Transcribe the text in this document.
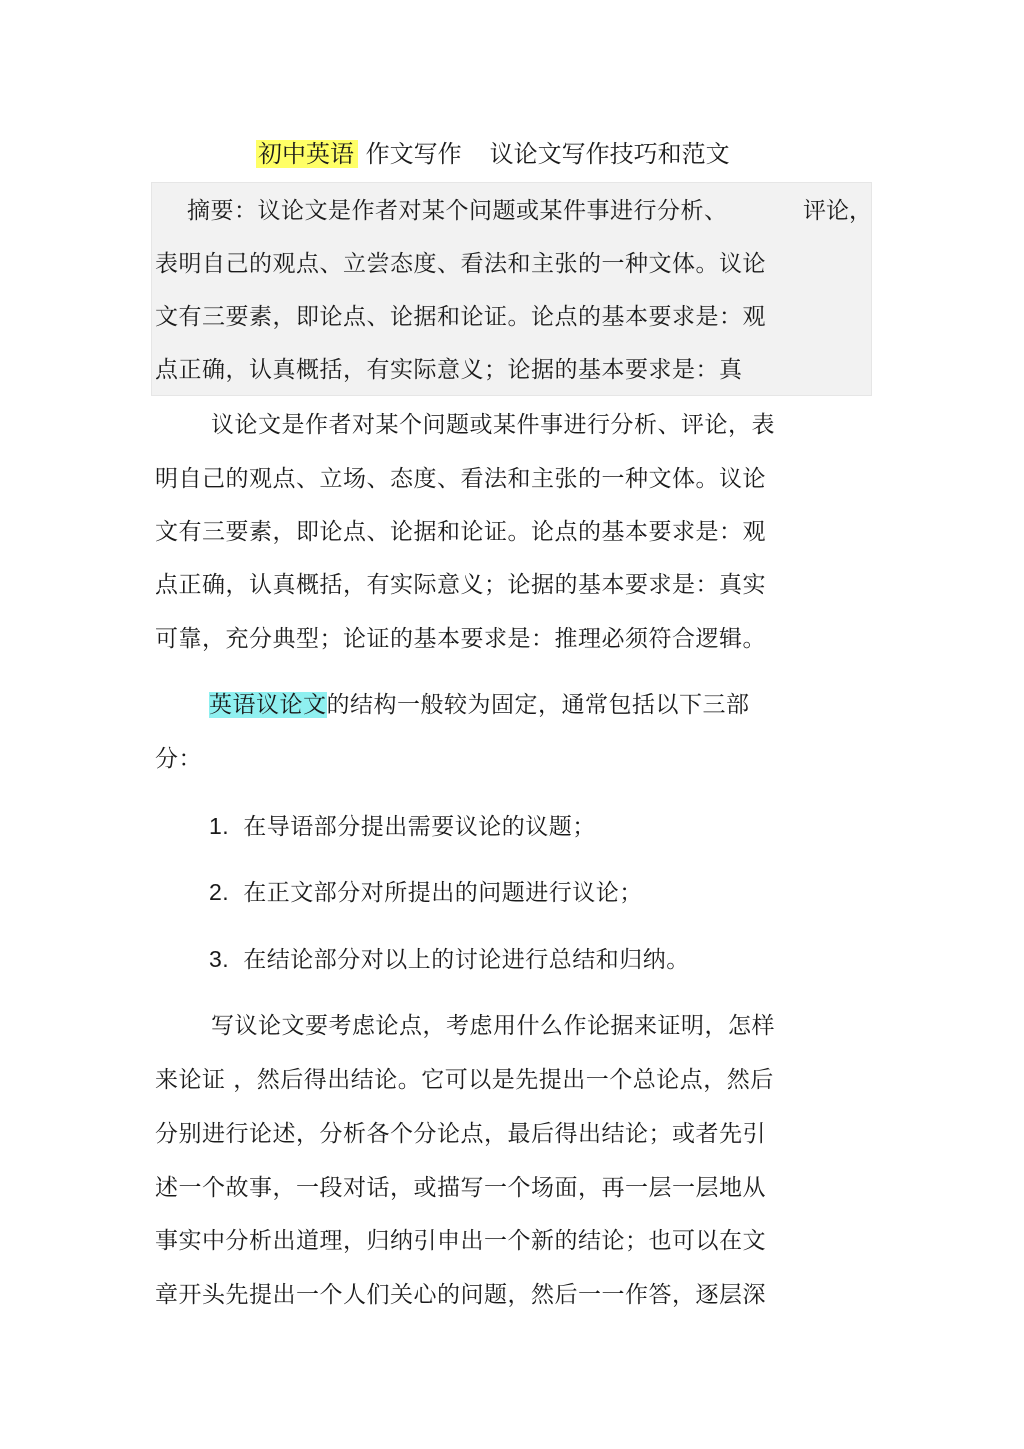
初中英语 作文写作 议论文写作技巧和范文
摘要：议论文是作者对某个问题或某件事进行分析、	评论，
表明自己的观点、立尝态度、看法和主张的一种文体。议论
文有三要素，即论点、论据和论证。论点的基本要求是：观
点正确，认真概括，有实际意义；论据的基本要求是：真
议论文是作者对某个问题或某件事进行分析、评论，表
明自己的观点、立场、态度、看法和主张的一种文体。议论
文有三要素，即论点、论据和论证。论点的基本要求是：观
点正确，认真概括，有实际意义；论据的基本要求是：真实
可靠，充分典型；论证的基本要求是：推理必须符合逻辑。
英语议论文的结构一般较为固定，通常包括以下三部
分：
1. 在导语部分提出需要议论的议题；
2. 在正文部分对所提出的问题进行议论；
3. 在结论部分对以上的讨论进行总结和归纳。
写议论文要考虑论点，考虑用什么作论据来证明，怎样
来论证 ，然后得出结论。它可以是先提出一个总论点，然后
分别进行论述，分析各个分论点，最后得出结论；或者先引
述一个故事，一段对话，或描写一个场面，再一层一层地从
事实中分析出道理，归纳引申出一个新的结论；也可以在文
章开头先提出一个人们关心的问题，然后一一作答，逐层深
